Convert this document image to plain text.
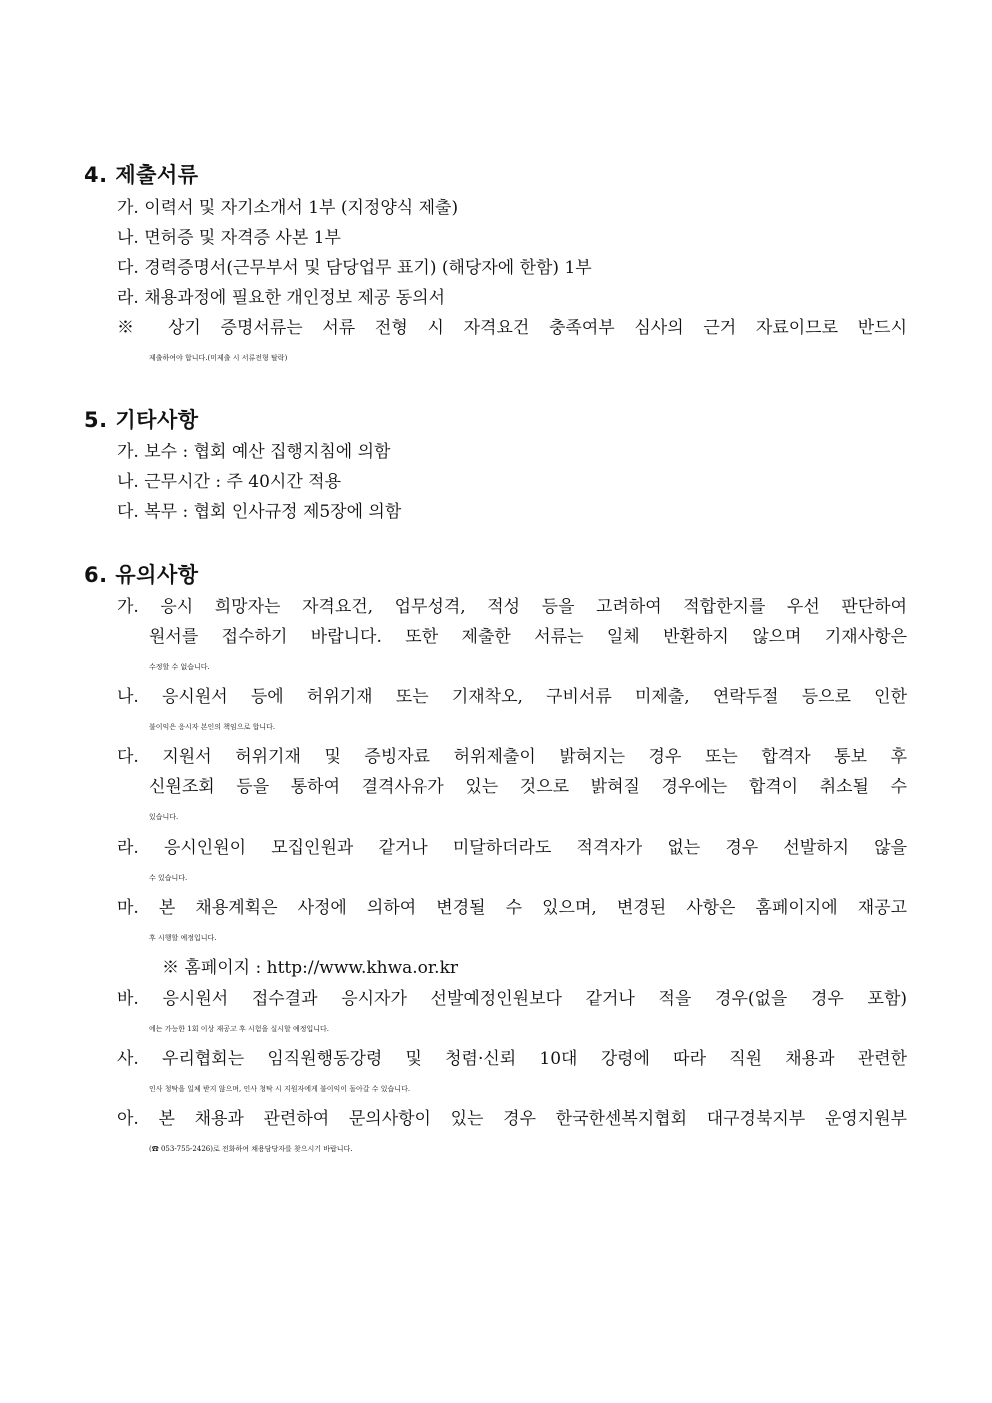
4. 제출서류
가. 이력서 및 자기소개서 1부 (지정양식 제출)
나. 면허증 및 자격증 사본 1부
다. 경력증명서(근무부서 및 담당업무 표기) (해당자에 한함) 1부
라. 채용과정에 필요한 개인정보 제공 동의서
※ 상기 증명서류는 서류 전형 시 자격요건 충족여부 심사의 근거 자료이므로 반드시
제출하여야 합니다.(미제출 시 서류전형 탈락)
5. 기타사항
가. 보수 : 협회 예산 집행지침에 의함
나. 근무시간 : 주 40시간 적용
다. 복무 : 협회 인사규정 제5장에 의함
6. 유의사항
가. 응시 희망자는 자격요건, 업무성격, 적성 등을 고려하여 적합한지를 우선 판단하여
원서를 접수하기 바랍니다. 또한 제출한 서류는 일체 반환하지 않으며 기재사항은
수정할 수 없습니다.
나. 응시원서 등에 허위기재 또는 기재착오, 구비서류 미제출, 연락두절 등으로 인한
불이익은 응시자 본인의 책임으로 합니다.
다. 지원서 허위기재 및 증빙자료 허위제출이 밝혀지는 경우 또는 합격자 통보 후
신원조회 등을 통하여 결격사유가 있는 것으로 밝혀질 경우에는 합격이 취소될 수
있습니다.
라. 응시인원이 모집인원과 같거나 미달하더라도 적격자가 없는 경우 선발하지 않을
수 있습니다.
마. 본 채용계획은 사정에 의하여 변경될 수 있으며, 변경된 사항은 홈페이지에 재공고
후 시행할 예정입니다.
※ 홈페이지 : http://www.khwa.or.kr
바. 응시원서 접수결과 응시자가 선발예정인원보다 같거나 적을 경우(없을 경우 포함)
에는 가능한 1회 이상 재공고 후 시험을 실시할 예정입니다.
사. 우리협회는 임직원행동강령 및 청렴·신뢰 10대 강령에 따라 직원 채용과 관련한
인사 청탁을 일체 받지 않으며, 인사 청탁 시 지원자에게 불이익이 돌아갈 수 있습니다.
아. 본 채용과 관련하여 문의사항이 있는 경우 한국한센복지협회 대구경북지부 운영지원부
(☎ 053-755-2426)로 전화하여 채용담당자를 찾으시기 바랍니다.
